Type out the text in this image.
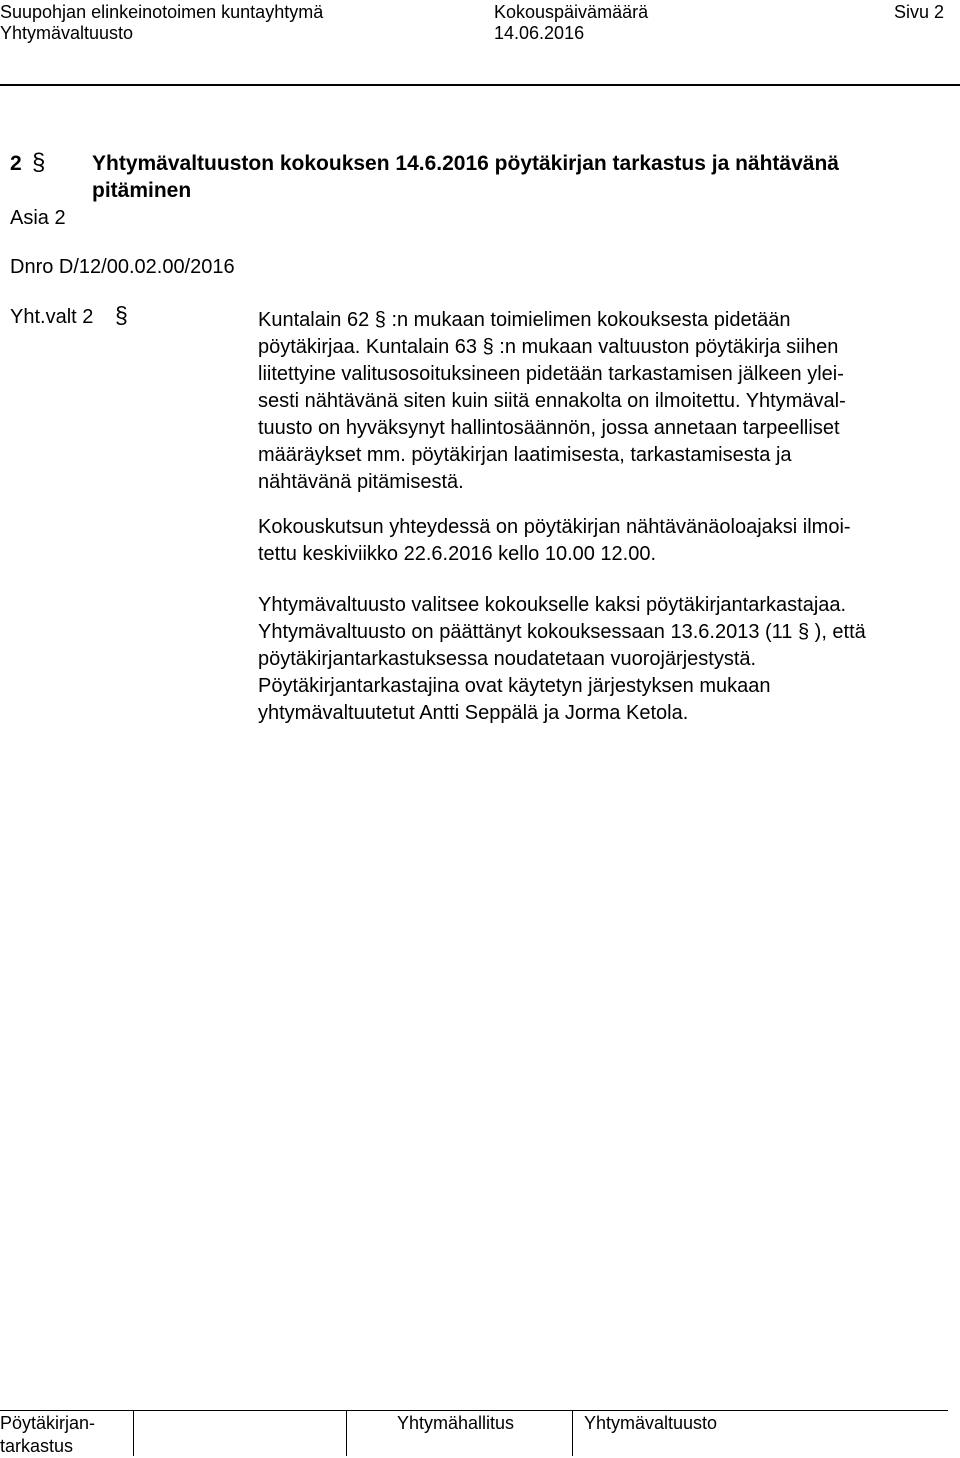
Suupohjan elinkeinotoimen kuntayhtymä
Yhtymävaltuusto
Kokouspäivämäärä
14.06.2016
Sivu 2
2 § Yhtymävaltuuston kokouksen 14.6.2016 pöytäkirjan tarkastus ja nähtävänä
pitäminen
Asia 2
Dnro D/12/00.02.00/2016
Yht.valt 2 §	Kuntalain 62 § :n mukaan toimielimen kokouksesta pidetään
pöytäkirjaa. Kuntalain 63 § :n mukaan valtuuston pöytäkirja siihen
liitettyine valitusosoituksineen pidetään tarkastamisen jälkeen ylei-
sesti nähtävänä siten kuin siitä ennakolta on ilmoitettu. Yhtymäval-
tuusto on hyväksynyt hallintosäännön, jossa annetaan tarpeelliset
määräykset mm. pöytäkirjan laatimisesta, tarkastamisesta ja
nähtävänä pitämisestä.
Kokouskutsun yhteydessä on pöytäkirjan nähtävänäoloajaksi ilmoi-
tettu keskiviikko 22.6.2016 kello 10.00 12.00.
Yhtymävaltuusto valitsee kokoukselle kaksi pöytäkirjantarkastajaa.
Yhtymävaltuusto on päättänyt kokouksessaan 13.6.2013 (11 § ), että
pöytäkirjantarkastuksessa noudatetaan vuorojärjestystä.
Pöytäkirjantarkastajina ovat käytetyn järjestyksen mukaan
yhtymävaltuutetut Antti Seppälä ja Jorma Ketola.
Pöytäkirjan-
tarkastus
Yhtymähallitus	Yhtymävaltuusto
